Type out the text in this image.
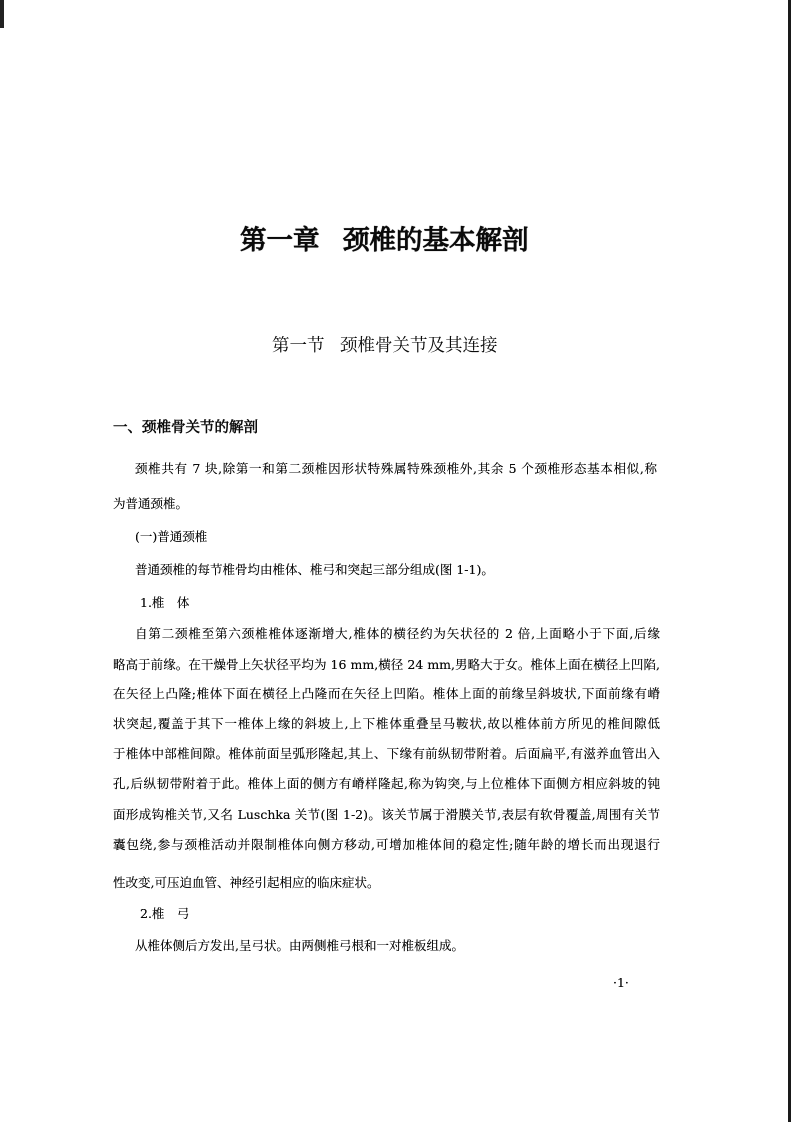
第一章 颈椎的基本解剖
第一节 颈椎骨关节及其连接
一、颈椎骨关节的解剖
颈椎共有 7 块,除第一和第二颈椎因形状特殊属特殊颈椎外,其余 5 个颈椎形态基本相似,称
为普通颈椎。
(一)普通颈椎
普通颈椎的每节椎骨均由椎体、椎弓和突起三部分组成(图 1-1)。
1.椎　体
自第二颈椎至第六颈椎椎体逐渐增大,椎体的横径约为矢状径的 2 倍,上面略小于下面,后缘
略高于前缘。在干燥骨上矢状径平均为 16 mm,横径 24 mm,男略大于女。椎体上面在横径上凹陷,
在矢径上凸隆;椎体下面在横径上凸隆而在矢径上凹陷。椎体上面的前缘呈斜坡状,下面前缘有嵴
状突起,覆盖于其下一椎体上缘的斜坡上,上下椎体重叠呈马鞍状,故以椎体前方所见的椎间隙低
于椎体中部椎间隙。椎体前面呈弧形隆起,其上、下缘有前纵韧带附着。后面扁平,有滋养血管出入
孔,后纵韧带附着于此。椎体上面的侧方有嵴样隆起,称为钩突,与上位椎体下面侧方相应斜坡的钝
面形成钩椎关节,又名 Luschka 关节(图 1-2)。该关节属于滑膜关节,表层有软骨覆盖,周围有关节
囊包绕,参与颈椎活动并限制椎体向侧方移动,可增加椎体间的稳定性;随年龄的增长而出现退行
性改变,可压迫血管、神经引起相应的临床症状。
2.椎　弓
从椎体侧后方发出,呈弓状。由两侧椎弓根和一对椎板组成。
·1·
